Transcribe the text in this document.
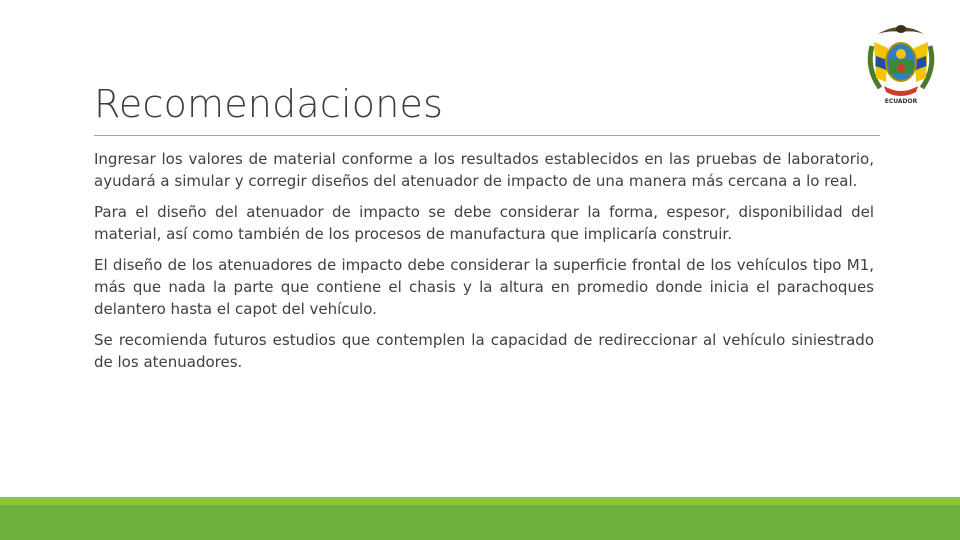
ECUADOR
Recomendaciones

Ingresar los valores de material conforme a los resultados establecidos en las pruebas de laboratorio, ayudará a simular y corregir diseños del atenuador de impacto de una manera más cercana a lo real.

Para el diseño del atenuador de impacto se debe considerar la forma, espesor, disponibilidad del material, así como también de los procesos de manufactura que implicaría construir.

El diseño de los atenuadores de impacto debe considerar la superficie frontal de los vehículos tipo M1, más que nada la parte que contiene el chasis y la altura en promedio donde inicia el parachoques delantero hasta el capot del vehículo.

Se recomienda futuros estudios que contemplen la capacidad de redireccionar al vehículo siniestrado de los atenuadores.
